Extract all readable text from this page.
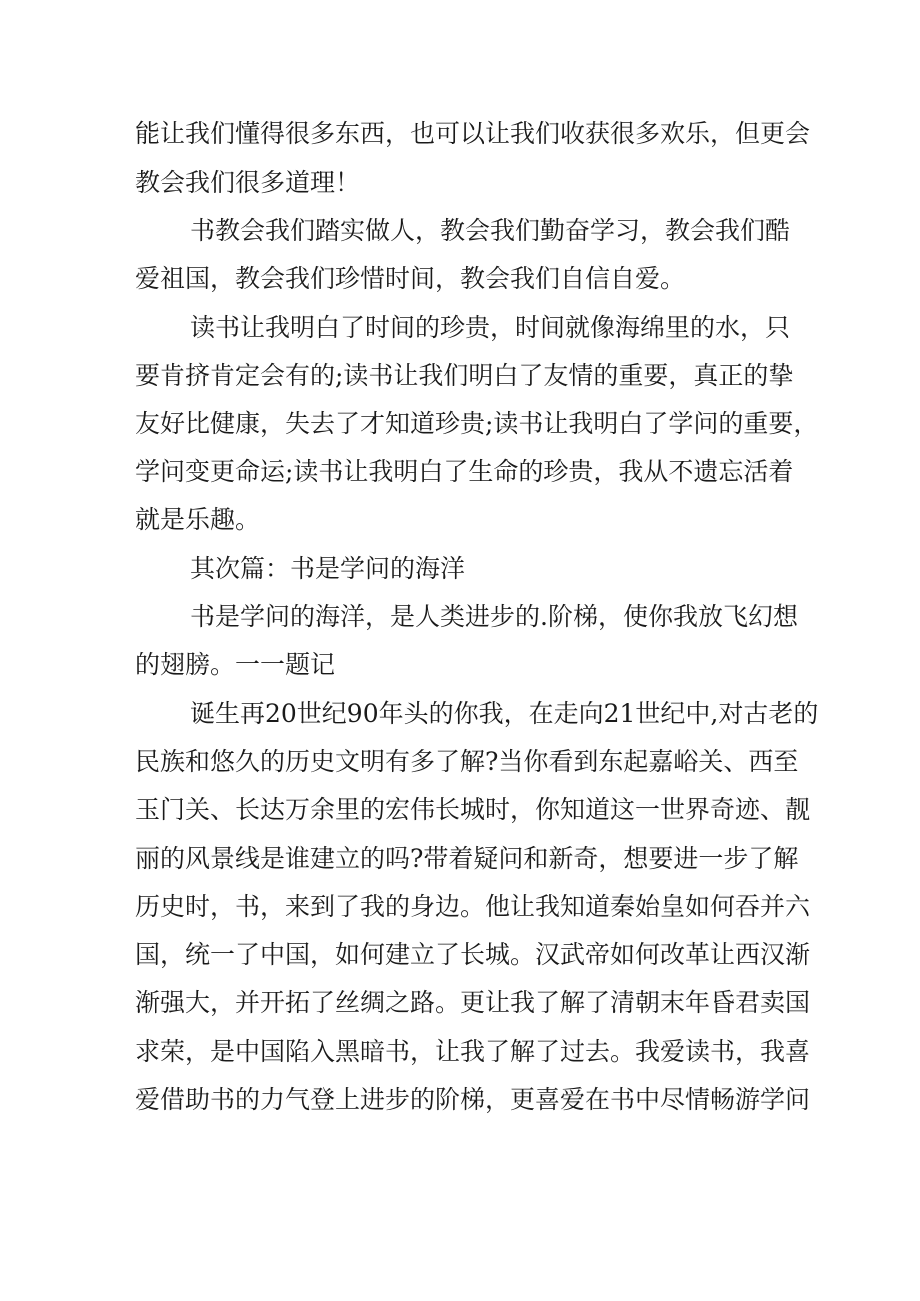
能让我们懂得很多东西，也可以让我们收获很多欢乐，但更会
教会我们很多道理！
书教会我们踏实做人，教会我们勤奋学习，教会我们酷
爱祖国，教会我们珍惜时间，教会我们自信自爱。
读书让我明白了时间的珍贵，时间就像海绵里的水，只
要肯挤肯定会有的;读书让我们明白了友情的重要，真正的挚
友好比健康，失去了才知道珍贵;读书让我明白了学问的重要，
学问变更命运;读书让我明白了生命的珍贵，我从不遗忘活着
就是乐趣。
其次篇：书是学问的海洋
书是学问的海洋，是人类进步的.阶梯，使你我放飞幻想
的翅膀。一一题记
诞生再20世纪90年头的你我，在走向21世纪中,对古老的
民族和悠久的历史文明有多了解?当你看到东起嘉峪关、西至
玉门关、长达万余里的宏伟长城时，你知道这一世界奇迹、靓
丽的风景线是谁建立的吗?带着疑问和新奇，想要进一步了解
历史时，书，来到了我的身边。他让我知道秦始皇如何吞并六
国，统一了中国，如何建立了长城。汉武帝如何改革让西汉渐
渐强大，并开拓了丝绸之路。更让我了解了清朝末年昏君卖国
求荣，是中国陷入黑暗书，让我了解了过去。我爱读书，我喜
爱借助书的力气登上进步的阶梯，更喜爱在书中尽情畅游学问
